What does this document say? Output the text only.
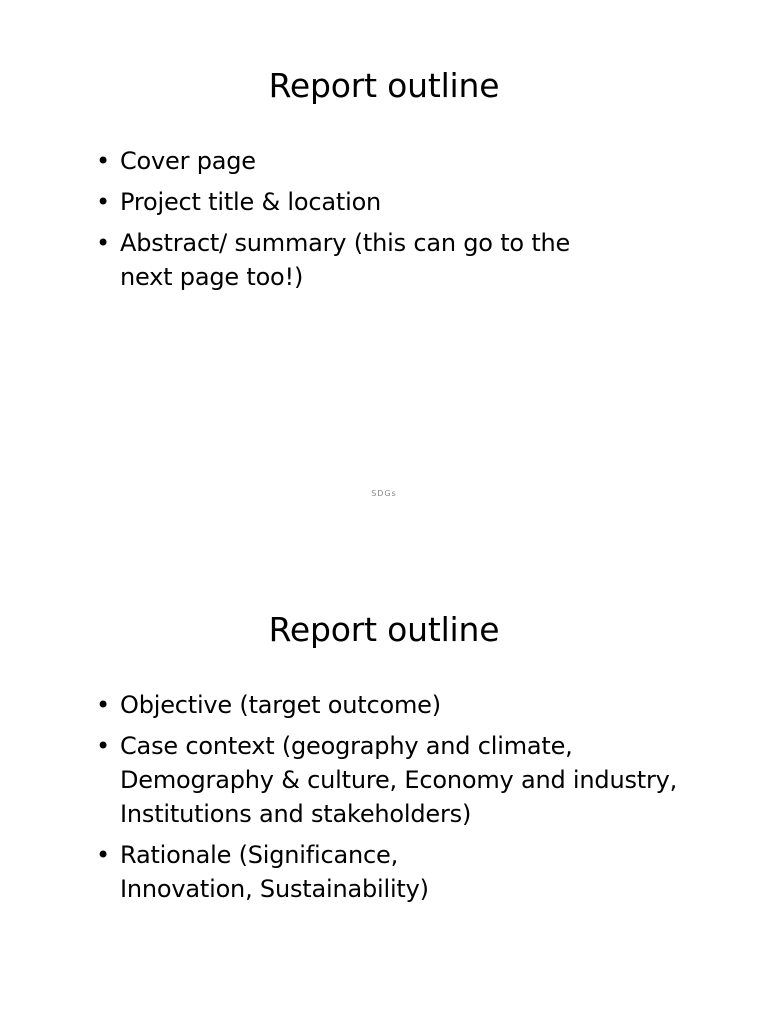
Report outline
• Cover page
• Project title & location
• Abstract/ summary (this can go to the next page too!)
SDGs
Report outline
• Objective (target outcome)
• Case context (geography and climate, Demography & culture, Economy and industry, Institutions and stakeholders)
• Rationale (Significance, Innovation, Sustainability)
